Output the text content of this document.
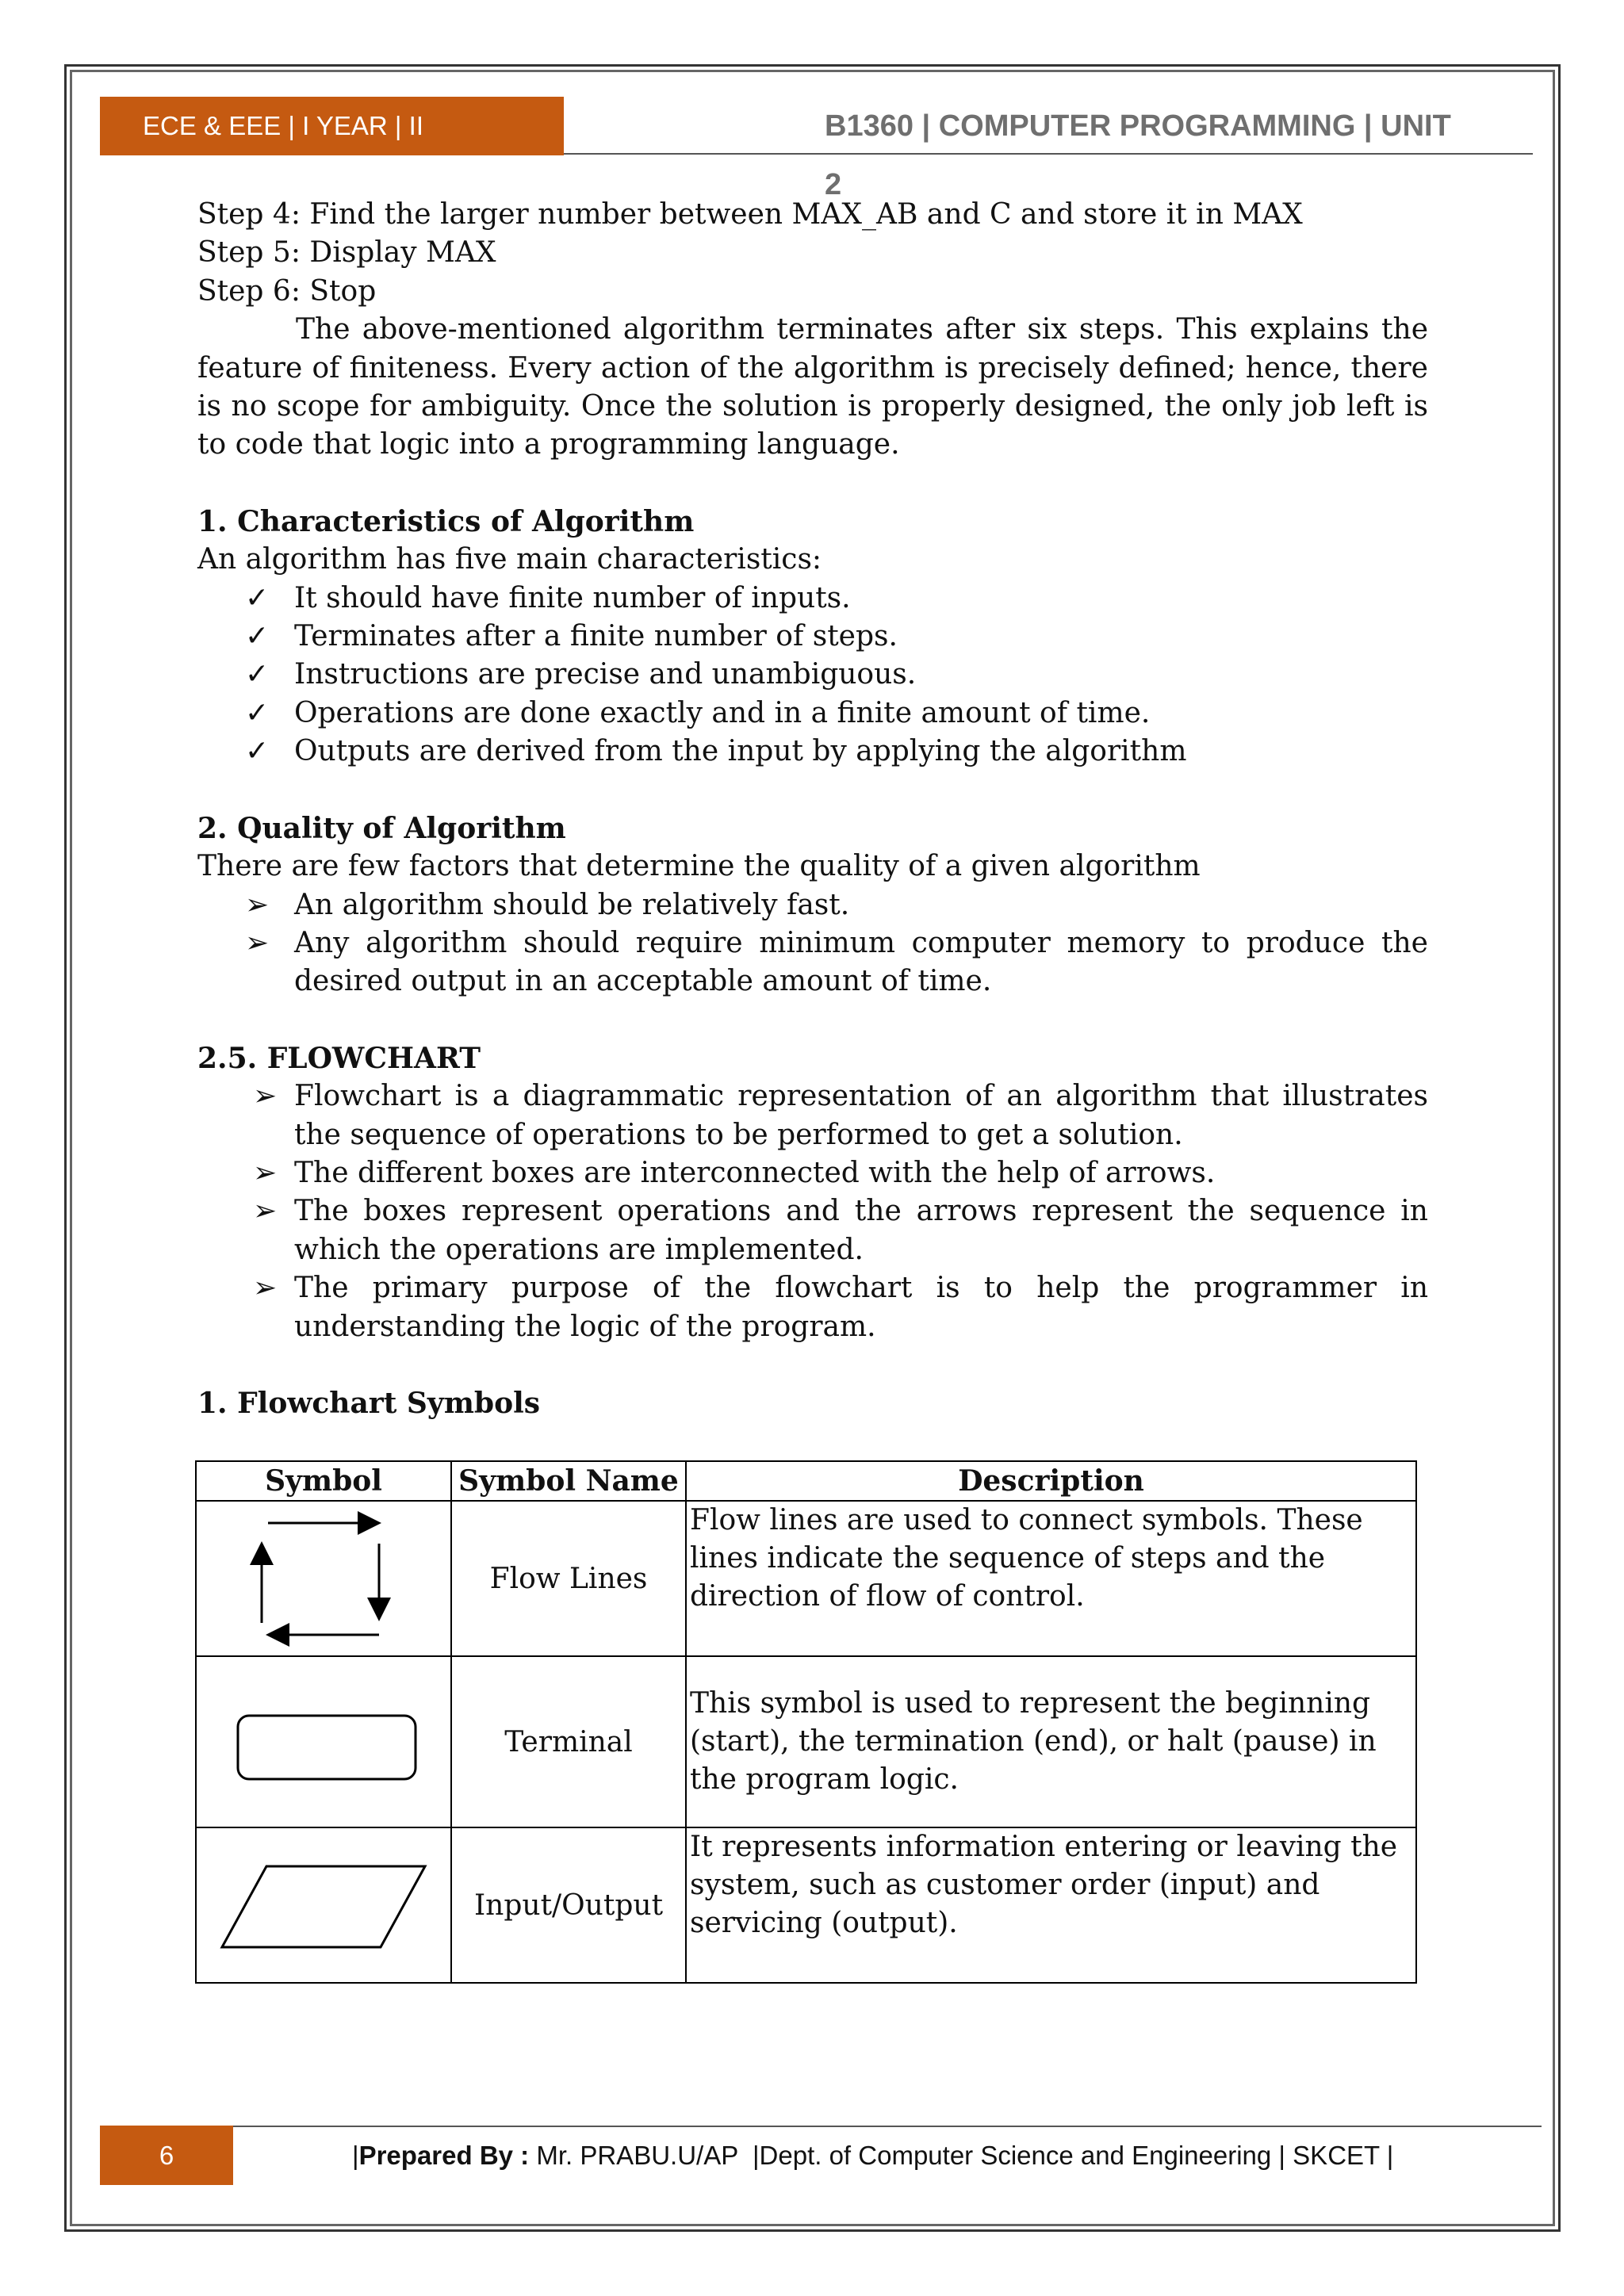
ECE & EEE | I YEAR | II SEMESTER
B1360 | COMPUTER PROGRAMMING | UNIT 2

Step 4: Find the larger number between MAX_AB and C and store it in MAX

Step 5: Display MAX

Step 6: Stop

The above-mentioned algorithm terminates after six steps. This explains the feature of finiteness. Every action of the algorithm is precisely defined; hence, there is no scope for ambiguity. Once the solution is properly designed, the only job left is to code that logic into a programming language.

1. Characteristics of Algorithm

An algorithm has five main characteristics:

✓ It should have finite number of inputs.
✓ Terminates after a finite number of steps.
✓ Instructions are precise and unambiguous.
✓ Operations are done exactly and in a finite amount of time.
✓ Outputs are derived from the input by applying the algorithm

2. Quality of Algorithm

There are few factors that determine the quality of a given algorithm

➢ An algorithm should be relatively fast.
➢ Any algorithm should require minimum computer memory to produce the desired output in an acceptable amount of time.

2.5. FLOWCHART

➢ Flowchart is a diagrammatic representation of an algorithm that illustrates the sequence of operations to be performed to get a solution.
➢ The different boxes are interconnected with the help of arrows.
➢ The boxes represent operations and the arrows represent the sequence in which the operations are implemented.
➢ The primary purpose of the flowchart is to help the programmer in understanding the logic of the program.

1. Flowchart Symbols

Symbol	Symbol Name	Description
	Flow Lines	Flow lines are used to connect symbols. These lines indicate the sequence of steps and the direction of flow of control.
	Terminal	This symbol is used to represent the beginning (start), the termination (end), or halt (pause) in the program logic.
	Input/Output	It represents information entering or leaving the system, such as customer order (input) and servicing (output).
6	|Prepared By : Mr. PRABU.U/AP  |Dept. of Computer Science and Engineering | SKCET |
